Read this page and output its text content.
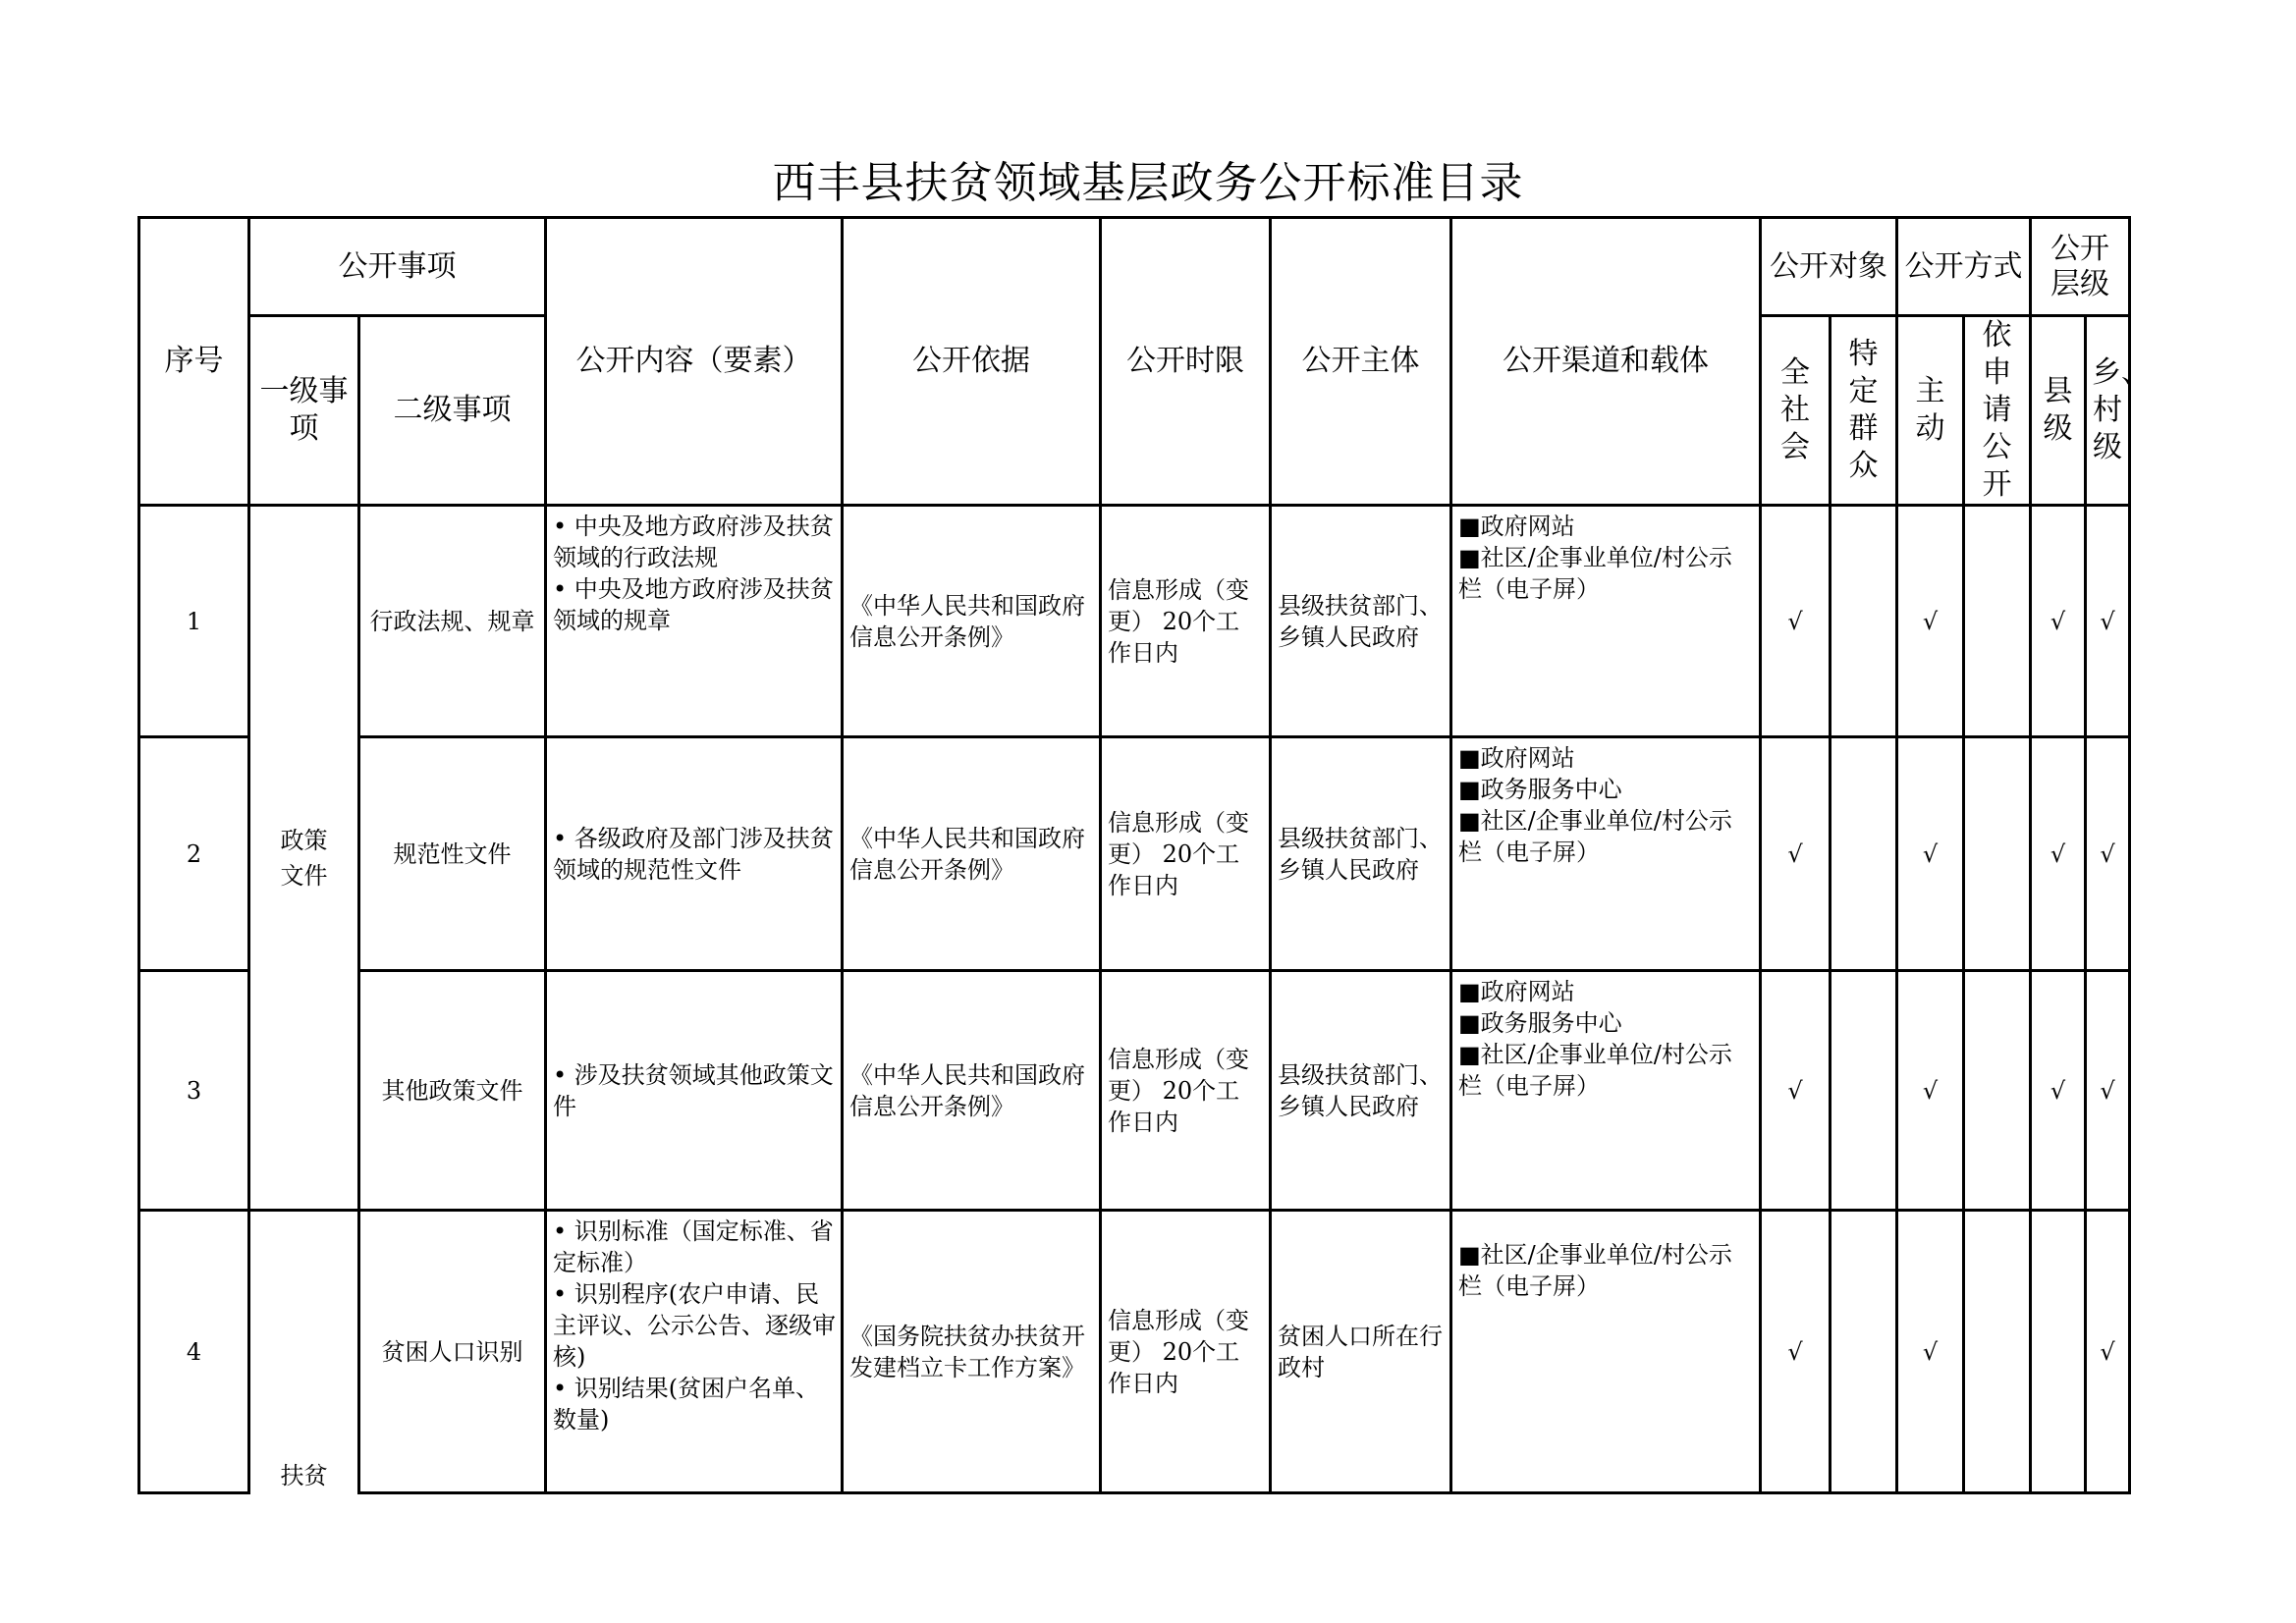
西丰县扶贫领域基层政务公开标准目录
序号	公开事项		公开内容（要素）	公开依据	公开时限	公开主体	公开渠道和载体	公开对象		公开方式		公开层级	

	一级事项	二级事项						全社会	特定群众	主动	依申请公开	县级	乡、村级

1	政策文件	行政法规、规章	• 中央及地方政府涉及扶贫领域的行政法规
• 中央及地方政府涉及扶贫领域的规章	《中华人民共和国政府信息公开条例》	信息形成（变更） 20个工作日内	县级扶贫部门、乡镇人民政府	■政府网站
■社区/企事业单位/村公示栏（电子屏）	√		√		√	√
2		规范性文件	• 各级政府及部门涉及扶贫领域的规范性文件	《中华人民共和国政府信息公开条例》	信息形成（变更） 20个工作日内	县级扶贫部门、乡镇人民政府	■政府网站
■政务服务中心
■社区/企事业单位/村公示栏（电子屏）	√		√		√	√
3		其他政策文件	• 涉及扶贫领域其他政策文件	《中华人民共和国政府信息公开条例》	信息形成（变更） 20个工作日内	县级扶贫部门、乡镇人民政府	■政府网站
■政务服务中心
■社区/企事业单位/村公示栏（电子屏）	√		√		√	√
4	扶贫	贫困人口识别	• 识别标准（国定标准、省定标准）
• 识别程序(农户申请、民主评议、公示公告、逐级审核)
• 识别结果(贫困户名单、数量)	《国务院扶贫办扶贫开发建档立卡工作方案》	信息形成（变更） 20个工作日内	贫困人口所在行政村	■社区/企事业单位/村公示栏（电子屏）	√		√			√
